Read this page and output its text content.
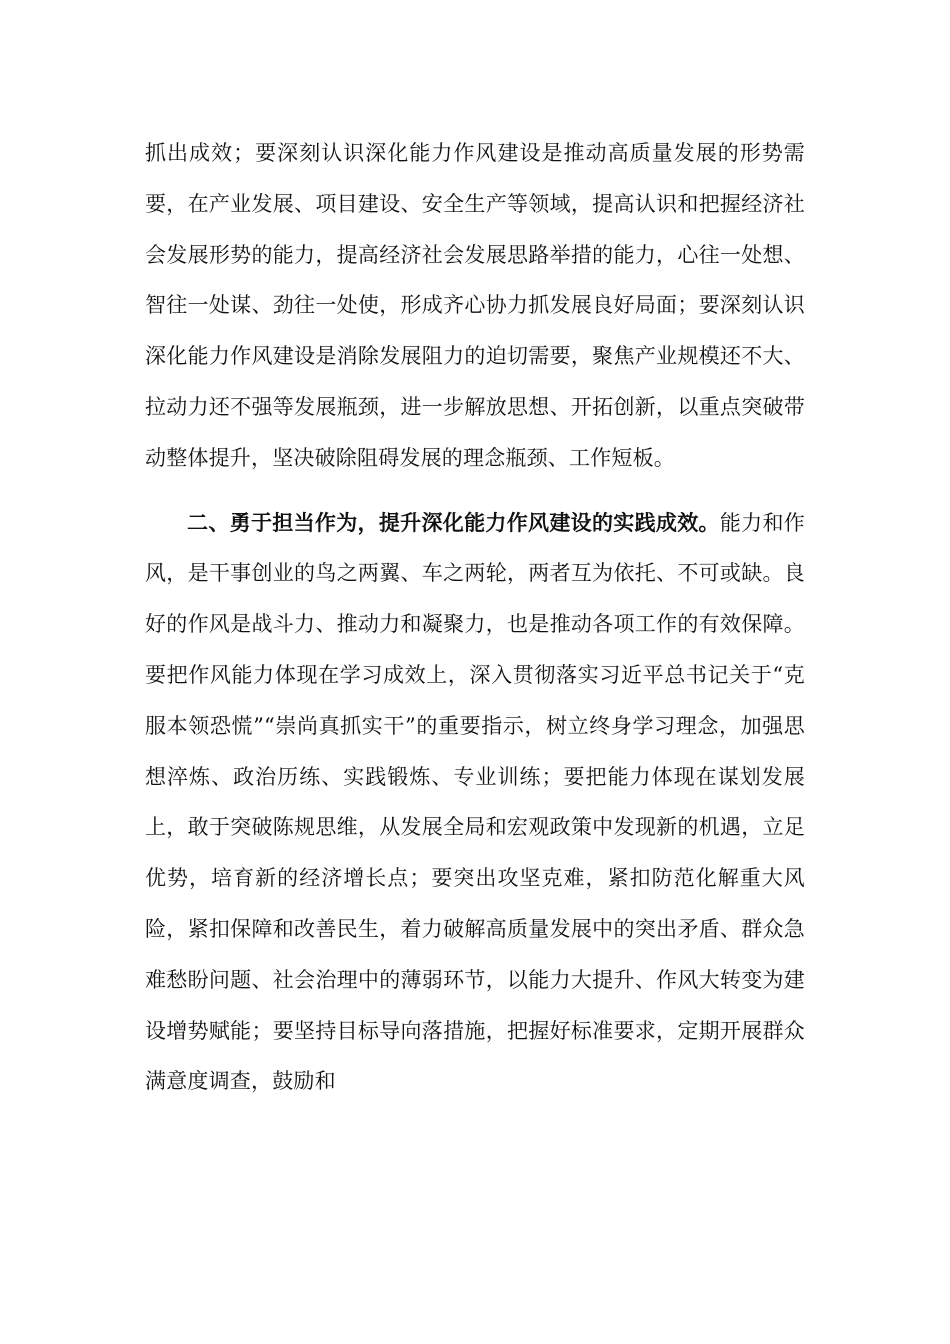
抓出成效；要深刻认识深化能力作风建设是推动高质量发展的形势需要，在产业发展、项目建设、安全生产等领域，提高认识和把握经济社会发展形势的能力，提高经济社会发展思路举措的能力，心往一处想、智往一处谋、劲往一处使，形成齐心协力抓发展良好局面；要深刻认识深化能力作风建设是消除发展阻力的迫切需要，聚焦产业规模还不大、拉动力还不强等发展瓶颈，进一步解放思想、开拓创新，以重点突破带动整体提升，坚决破除阻碍发展的理念瓶颈、工作短板。

二、勇于担当作为，提升深化能力作风建设的实践成效。能力和作风，是干事创业的鸟之两翼、车之两轮，两者互为依托、不可或缺。良好的作风是战斗力、推动力和凝聚力，也是推动各项工作的有效保障。要把作风能力体现在学习成效上，深入贯彻落实习近平总书记关于“克服本领恐慌”“崇尚真抓实干”的重要指示，树立终身学习理念，加强思想淬炼、政治历练、实践锻炼、专业训练；要把能力体现在谋划发展上，敢于突破陈规思维，从发展全局和宏观政策中发现新的机遇，立足优势，培育新的经济增长点；要突出攻坚克难，紧扣防范化解重大风险，紧扣保障和改善民生，着力破解高质量发展中的突出矛盾、群众急难愁盼问题、社会治理中的薄弱环节，以能力大提升、作风大转变为建设增势赋能；要坚持目标导向落措施，把握好标准要求，定期开展群众满意度调查，鼓励和
